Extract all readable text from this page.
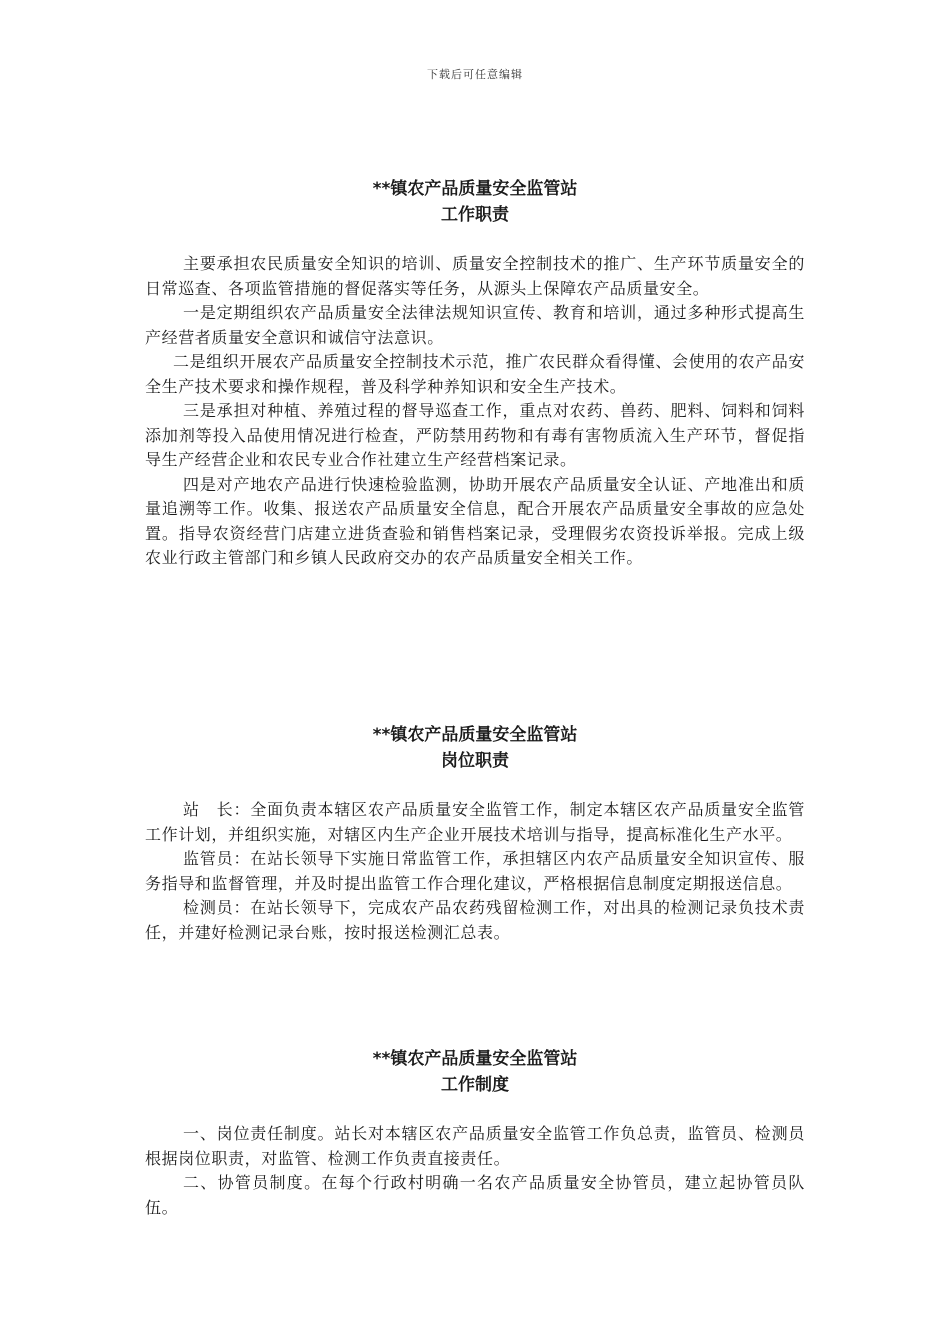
下载后可任意编辑
**镇农产品质量安全监管站
工作职责

主要承担农民质量安全知识的培训、质量安全控制技术的推广、生产环节质量安全的日常巡查、各项监管措施的督促落实等任务，从源头上保障农产品质量安全。

一是定期组织农产品质量安全法律法规知识宣传、教育和培训，通过多种形式提高生产经营者质量安全意识和诚信守法意识。

二是组织开展农产品质量安全控制技术示范，推广农民群众看得懂、会使用的农产品安全生产技术要求和操作规程，普及科学种养知识和安全生产技术。

三是承担对种植、养殖过程的督导巡查工作，重点对农药、兽药、肥料、饲料和饲料添加剂等投入品使用情况进行检查，严防禁用药物和有毒有害物质流入生产环节，督促指导生产经营企业和农民专业合作社建立生产经营档案记录。

四是对产地农产品进行快速检验监测，协助开展农产品质量安全认证、产地准出和质量追溯等工作。收集、报送农产品质量安全信息，配合开展农产品质量安全事故的应急处置。指导农资经营门店建立进货查验和销售档案记录，受理假劣农资投诉举报。完成上级农业行政主管部门和乡镇人民政府交办的农产品质量安全相关工作。

**镇农产品质量安全监管站
岗位职责

站　长：全面负责本辖区农产品质量安全监管工作，制定本辖区农产品质量安全监管工作计划，并组织实施，对辖区内生产企业开展技术培训与指导，提高标准化生产水平。

监管员：在站长领导下实施日常监管工作，承担辖区内农产品质量安全知识宣传、服务指导和监督管理，并及时提出监管工作合理化建议，严格根据信息制度定期报送信息。

检测员：在站长领导下，完成农产品农药残留检测工作，对出具的检测记录负技术责任，并建好检测记录台账，按时报送检测汇总表。

**镇农产品质量安全监管站
工作制度

一、岗位责任制度。站长对本辖区农产品质量安全监管工作负总责，监管员、检测员根据岗位职责，对监管、检测工作负责直接责任。

二、协管员制度。在每个行政村明确一名农产品质量安全协管员，建立起协管员队伍。
